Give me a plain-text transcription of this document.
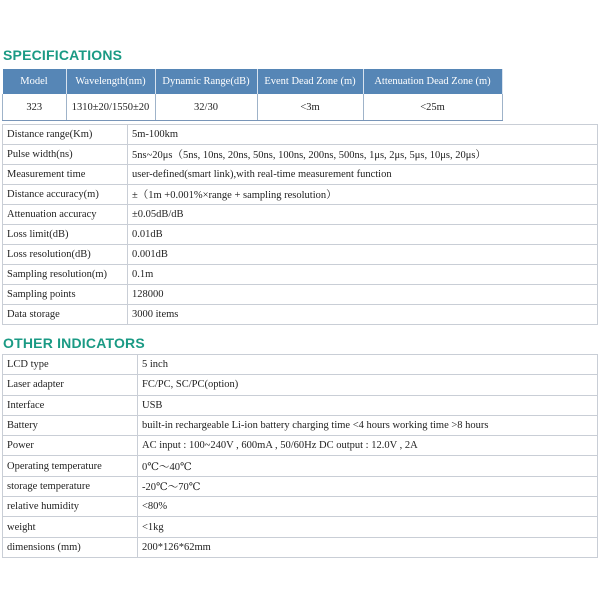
SPECIFICATIONS
Model	Wavelength(nm)	Dynamic Range(dB)	Event Dead Zone (m)	Attenuation Dead Zone (m)
323	1310±20/1550±20	32/30	<3m	<25m
Distance range(Km)	5m-100km
Pulse width(ns)	5ns~20μs（5ns, 10ns, 20ns, 50ns, 100ns, 200ns, 500ns, 1μs, 2μs, 5μs, 10μs, 20μs）
Measurement time	user-defined(smart link),with real-time measurement function
Distance accuracy(m)	±（1m +0.001%×range + sampling resolution）
Attenuation accuracy	±0.05dB/dB
Loss limit(dB)	0.01dB
Loss resolution(dB)	0.001dB
Sampling resolution(m)	0.1m
Sampling points	128000
Data storage	3000 items
OTHER INDICATORS
LCD type	5 inch
Laser adapter	FC/PC, SC/PC(option)
Interface	USB
Battery	built-in rechargeable Li-ion battery charging time <4 hours working time >8 hours
Power	AC input : 100~240V , 600mA , 50/60Hz DC output : 12.0V , 2A
Operating temperature	0℃～40℃
storage temperature	-20℃～70℃
relative humidity	<80%
weight	<1kg
dimensions (mm)	200*126*62mm
